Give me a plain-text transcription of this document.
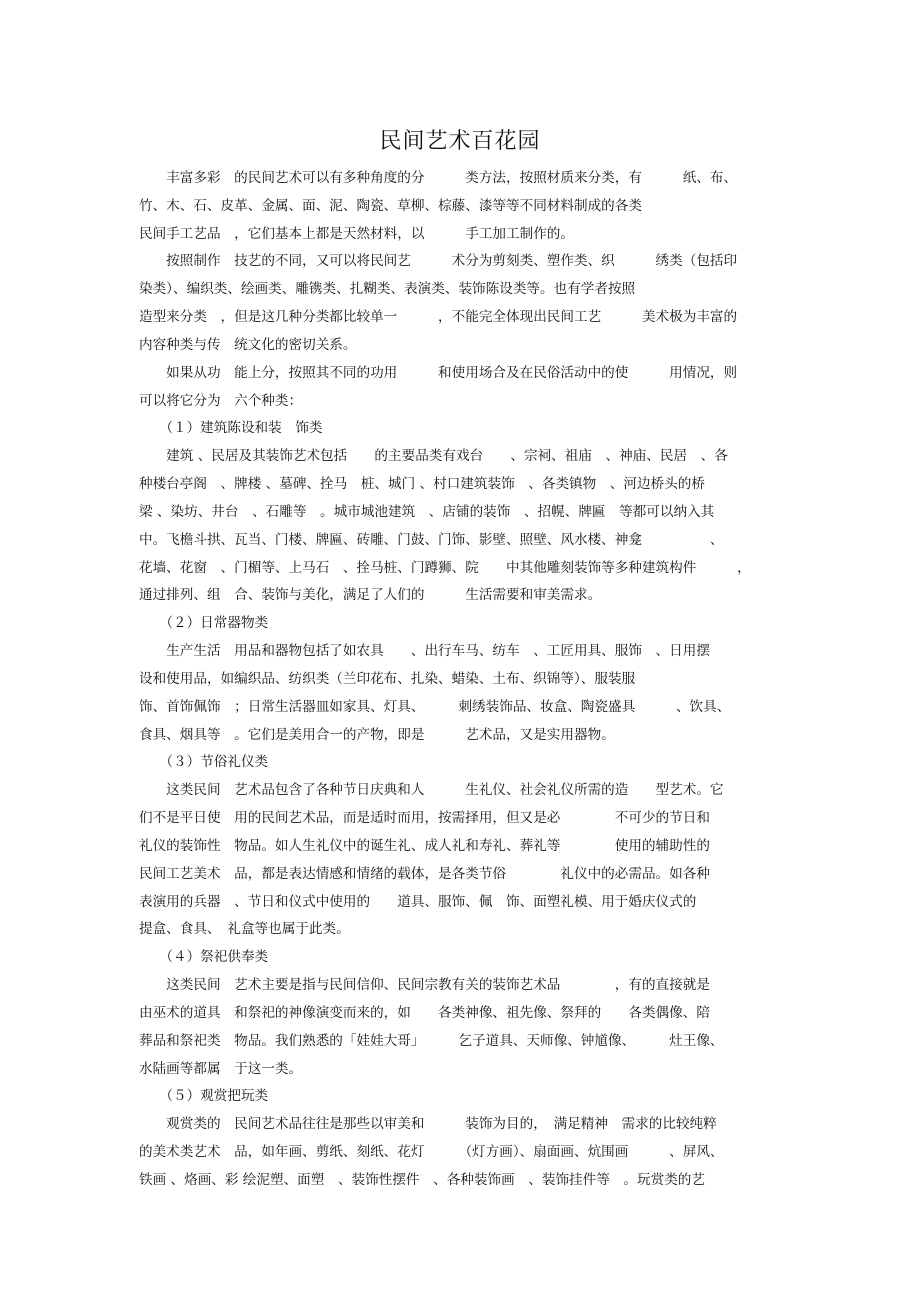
民间艺术百花园
　　丰富多彩　的民间艺术可以有多种角度的分　　　类方法，按照材质来分类，有　　　纸、布、
竹、木、石、皮革、金属、面、泥、陶瓷、草柳、棕藤、漆等等不同材料制成的各类
民间手工艺品　，它们基本上都是天然材料，以　　　手工加工制作的。
　　按照制作　技艺的不同，又可以将民间艺　　　术分为剪刻类、塑作类、织　　　绣类（包括印
染类）、编织类、绘画类、雕镌类、扎糊类、表演类、装饰陈设类等。也有学者按照
造型来分类　，但是这几种分类都比较单一　　　，不能完全体现出民间工艺　　　美术极为丰富的
内容种类与传　统文化的密切关系。
　　如果从功　能上分，按照其不同的功用　　　和使用场合及在民俗活动中的使　　　用情况，则
可以将它分为　六个种类：
　　（１）建筑陈设和装　饰类
　　建筑 、民居及其装饰艺术包括　　的主要品类有戏台　　、宗祠、祖庙　、神庙、民居　、各
种楼台亭阁　、牌楼 、墓碑、拴马　桩、城门 、村口建筑装饰　、各类镇物　、河边桥头的桥
梁 、染坊、井台　、石雕等　。城市城池建筑　、店铺的装饰　、招幌、牌匾　等都可以纳入其
中。飞檐斗拱、瓦当、门楼、牌匾、砖雕、门鼓、门饰、影壁、照壁、风水楼、神龛　　　　　、
花墙、花窗　、门楣等、上马石　、拴马桩、门蹲狮、院　　中其他雕刻装饰等多种建筑构件　　　，
通过排列、组　合、装饰与美化，满足了人们的　　　生活需要和审美需求。
　　（２）日常器物类
　　生产生活　用品和器物包括了如农具　　、出行车马、纺车　、工匠用具、服饰　、日用摆
设和使用品，如编织品、纺织类（兰印花布、扎染、蜡染、土布、织锦等）、服装服
饰、首饰佩饰　；日常生活器皿如家具、灯具、　　　刺绣装饰品、妆盒、陶瓷盛具　　　、饮具、
食具、烟具等　。它们是美用合一的产物，即是　　　艺术品，又是实用器物。
　　（３）节俗礼仪类
　　这类民间　艺术品包含了各种节日庆典和人　　　生礼仪、社会礼仪所需的造　　型艺术。它
们不是平日使　用的民间艺术品，而是适时而用，按需择用，但又是必　　　　不可少的节日和
礼仪的装饰性　物品。如人生礼仪中的诞生礼、成人礼和寿礼、葬礼等　　　　使用的辅助性的
民间工艺美术　品，都是表达情感和情绪的载体，是各类节俗　　　　礼仪中的必需品。如各种
表演用的兵器　、节日和仪式中使用的　　道具、服饰、佩　饰、面塑礼模、用于婚庆仪式的
提盒、食具、　礼盒等也属于此类。
　　（４）祭祀供奉类
　　这类民间　艺术主要是指与民间信仰、民间宗教有关的装饰艺术品　　　　，有的直接就是
由巫术的道具　和祭祀的神像演变而来的，如　　各类神像、祖先像、祭拜的　　各类偶像、陪
葬品和祭祀类　物品。我们熟悉的「娃娃大哥」　　　乞子道具、天师像、钟馗像、　　　灶王像、
水陆画等都属　于这一类。
　　（５）观赏把玩类
　　观赏类的　民间艺术品往往是那些以审美和　　　装饰为目的，　满足精神　需求的比较纯粹
的美术类艺术　品，如年画、剪纸、刻纸、花灯　　　（灯方画）、扇面画、炕围画　　　、屏风、
铁画 、烙画、彩 绘泥塑、面塑　、装饰性摆件　、各种装饰画　、装饰挂件等　。玩赏类的艺
